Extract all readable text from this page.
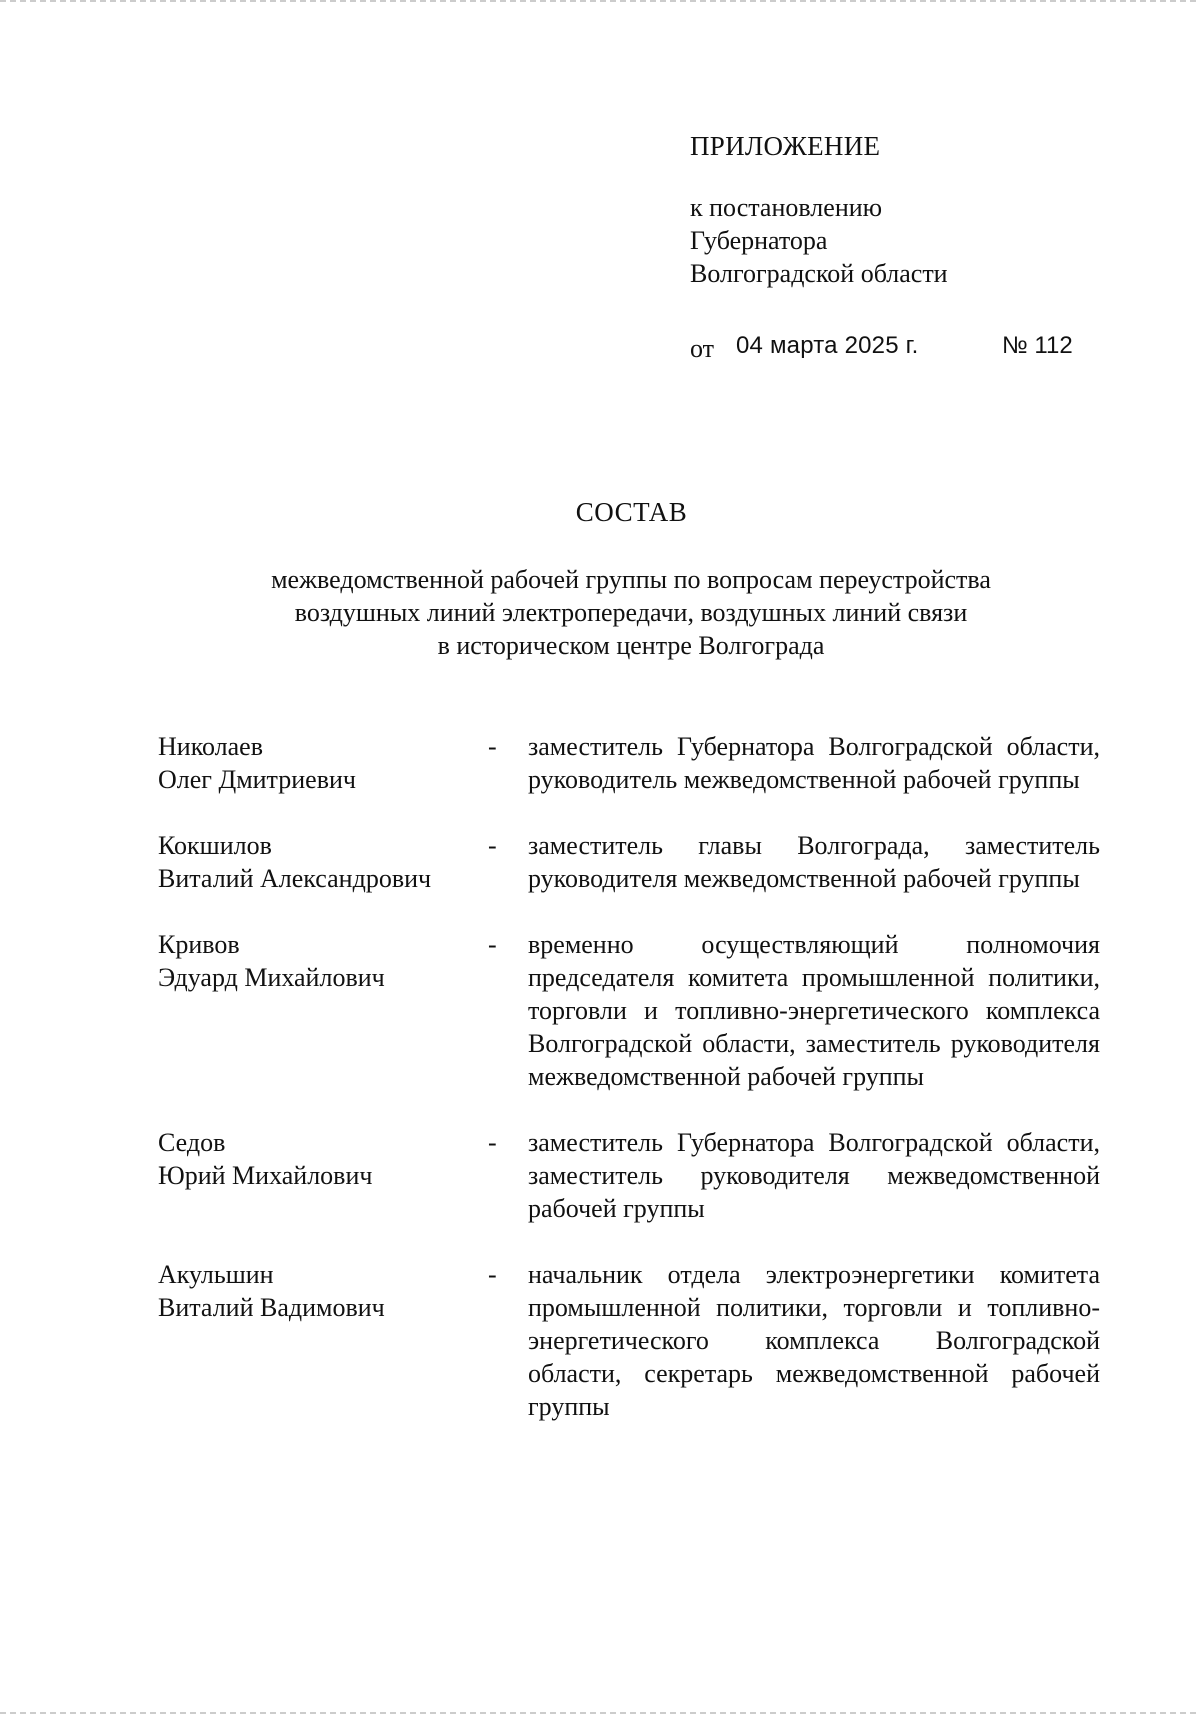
ПРИЛОЖЕНИЕ
к постановлению
Губернатора
Волгоградской области
от 04 марта 2025 г.	№ 112
СОСТАВ
межведомственной рабочей группы по вопросам переустройства
воздушных линий электропередачи, воздушных линий связи
в историческом центре Волгограда
Николаев
Олег Дмитриевич
-	заместитель Губернатора Волгоградской области, руководитель межведомственной рабочей группы
Кокшилов
Виталий Александрович
-	заместитель главы Волгограда, заместитель руководителя межведомственной рабочей группы
Кривов
Эдуард Михайлович
-	временно осуществляющий полномочия председателя комитета промышленной политики, торговли и топливно-энергетического комплекса Волгоградской области, заместитель руководителя межведомственной рабочей группы
Седов
Юрий Михайлович
-	заместитель Губернатора Волгоградской области, заместитель руководителя межведомственной рабочей группы
Акульшин
Виталий Вадимович
-	начальник отдела электроэнергетики комитета промышленной политики, торговли и топливно-энергетического комплекса Волгоградской области, секретарь межведомственной рабочей группы
